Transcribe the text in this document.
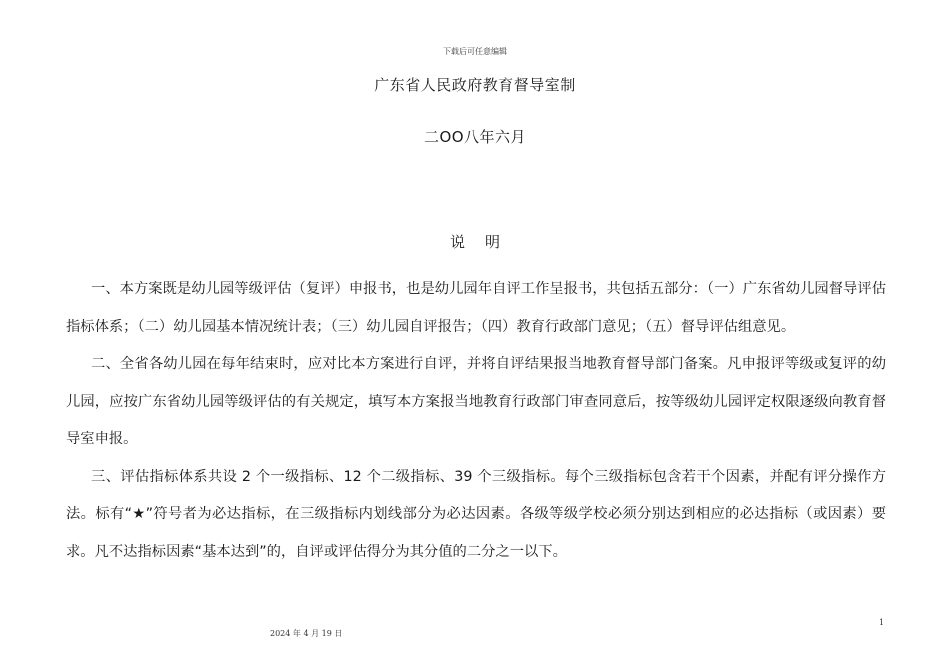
下载后可任意编辑
广东省人民政府教育督导室制
二OO八年六月
说明

一、本方案既是幼儿园等级评估（复评）申报书，也是幼儿园年自评工作呈报书，共包括五部分：（一）广东省幼儿园督导评估指标体系；（二）幼儿园基本情况统计表；（三）幼儿园自评报告；（四）教育行政部门意见；（五）督导评估组意见。

二、全省各幼儿园在每年结束时，应对比本方案进行自评，并将自评结果报当地教育督导部门备案。凡申报评等级或复评的幼儿园，应按广东省幼儿园等级评估的有关规定，填写本方案报当地教育行政部门审查同意后，按等级幼儿园评定权限逐级向教育督导室申报。

三、评估指标体系共设 2 个一级指标、12 个二级指标、39 个三级指标。每个三级指标包含若干个因素，并配有评分操作方法。标有“★”符号者为必达指标，在三级指标内划线部分为必达因素。各级等级学校必须分别达到相应的必达指标（或因素）要求。凡不达指标因素“基本达到”的，自评或评估得分为其分值的二分之一以下。

2024 年 4 月 19 日
1
